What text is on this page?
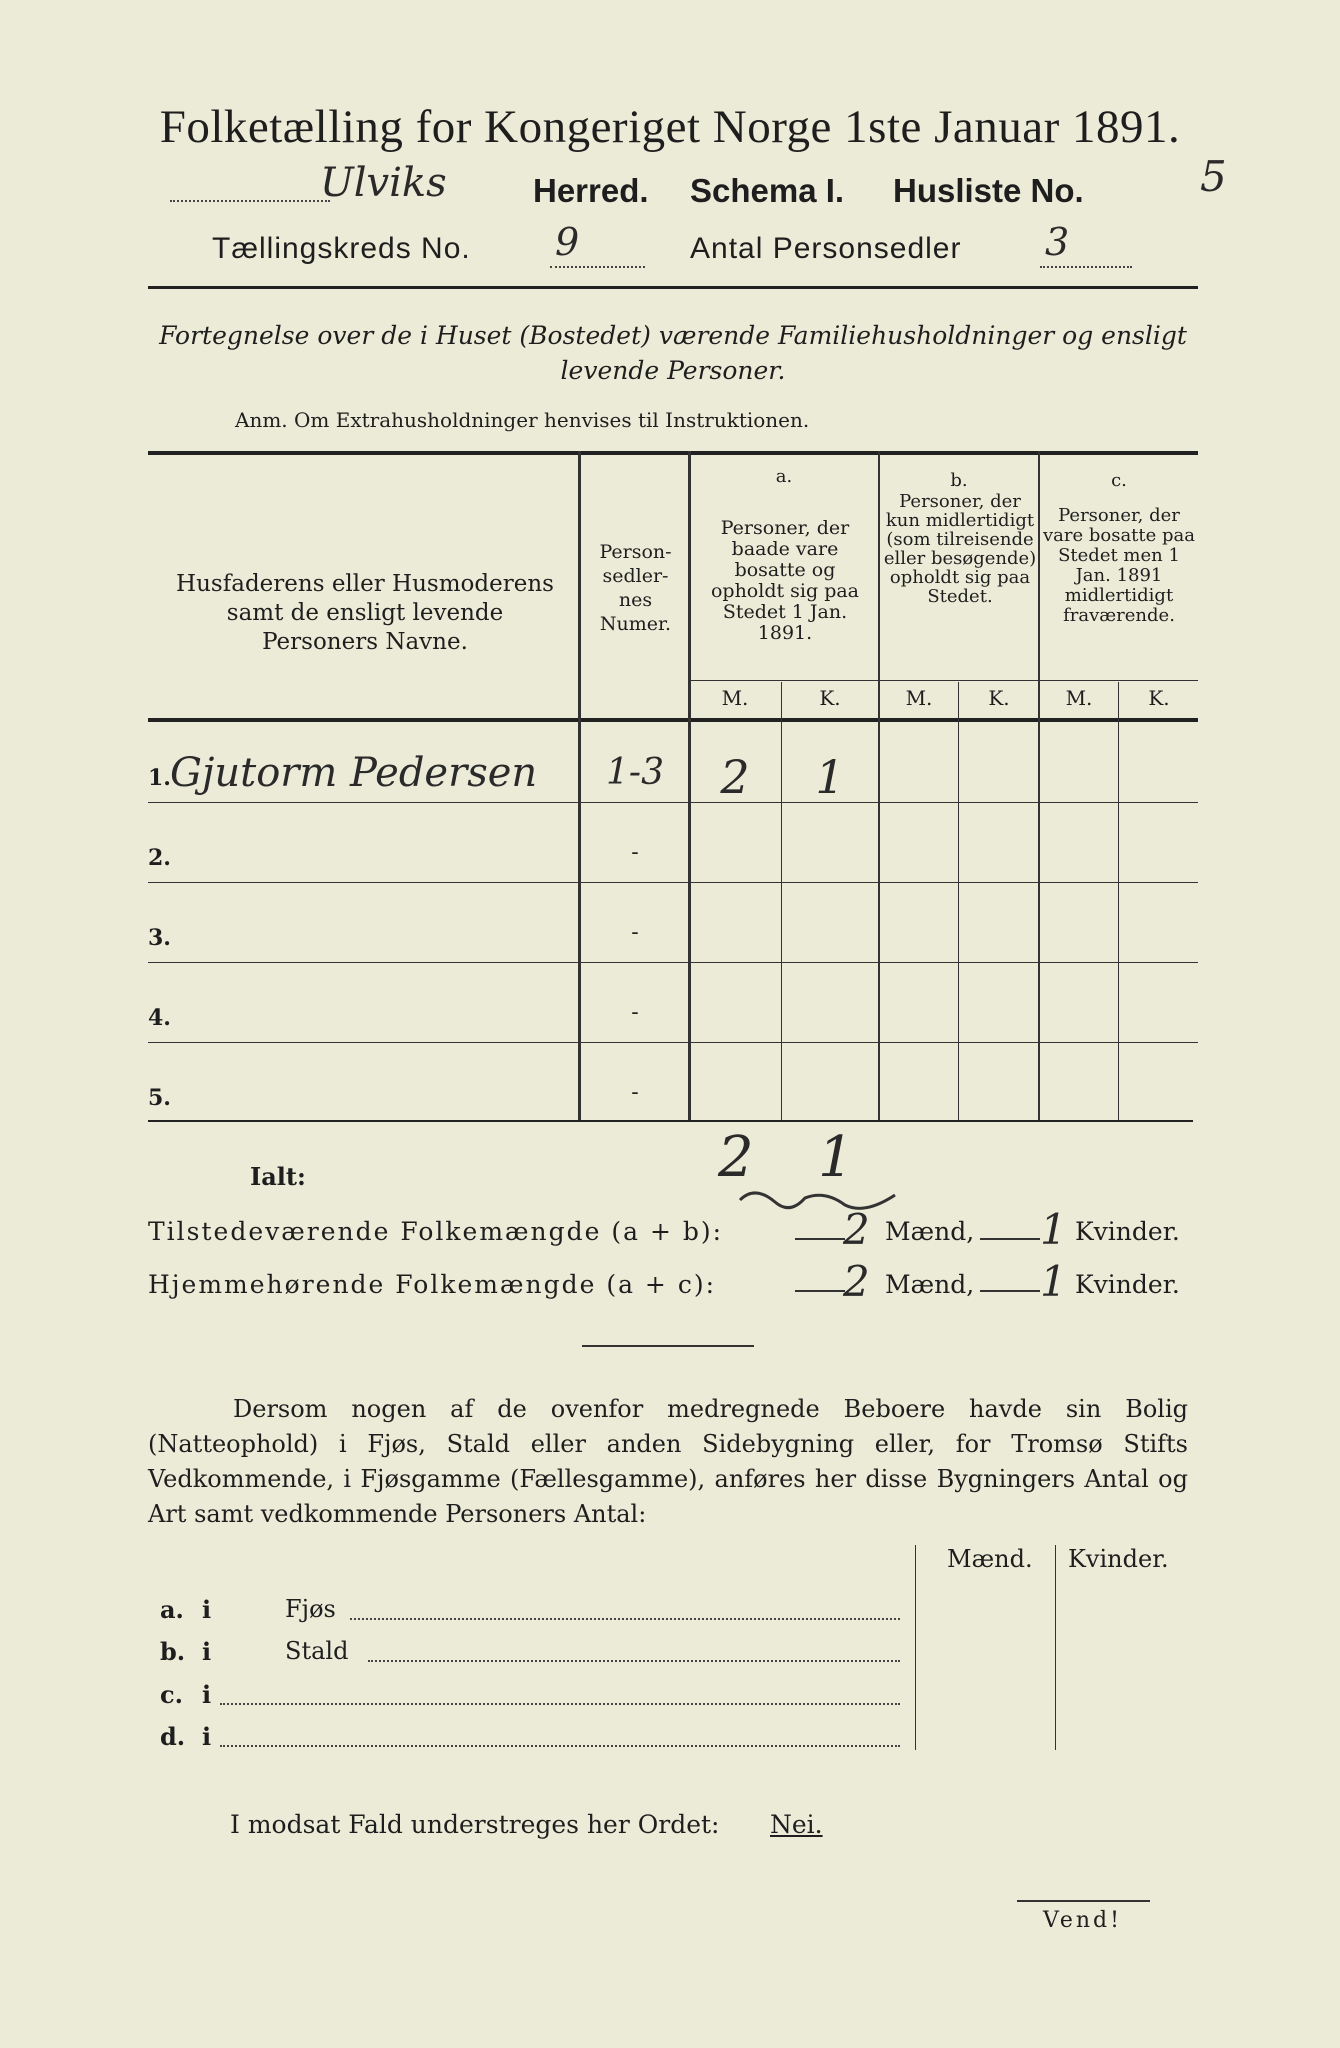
Folketælling for Kongeriget Norge 1ste Januar 1891.
Ulviks	Herred. Schema I. Husliste No.	5
Tællingskreds No. 9	Antal Personsedler 3
Fortegnelse over de i Huset (Bostedet) værende Familiehusholdninger og ensligt levende Personer.
Anm. Om Extrahusholdninger henvises til Instruktionen.
Husfaderens eller Husmoderens samt de ensligt levende Personers Navne.
Person-sedler-nes Numer.
a.
Personer, der baade vare bosatte og opholdt sig paa Stedet 1 Jan. 1891.
b.
Personer, der kun midlertidigt (som tilreisende eller besøgende) opholdt sig paa Stedet.
c.
Personer, der vare bosatte paa Stedet men 1 Jan. 1891 midlertidigt fraværende.
M.	K.	M.	K.	M.	K.
1. Gjutorm Pedersen	1-3	2	1
2.	-
3.	-
4.	-
5.	-
Ialt:	2 1
Tilstedeværende Folkemængde (a + b):	2 Mænd, 1 Kvinder.
Hjemmehørende Folkemængde (a + c):	2 Mænd, 1 Kvinder.
Dersom nogen af de ovenfor medregnede Beboere havde sin Bolig (Natteophold) i Fjøs, Stald eller anden Sidebygning eller, for Tromsø Stifts Vedkommende, i Fjøsgamme (Fællesgamme), anføres her disse Bygningers Antal og Art samt vedkommende Personers Antal:
Mænd. Kvinder.
a. i	Fjøs
b. i	Stald
c. i
d. i
I modsat Fald understreges her Ordet: Nei.
Vend!
